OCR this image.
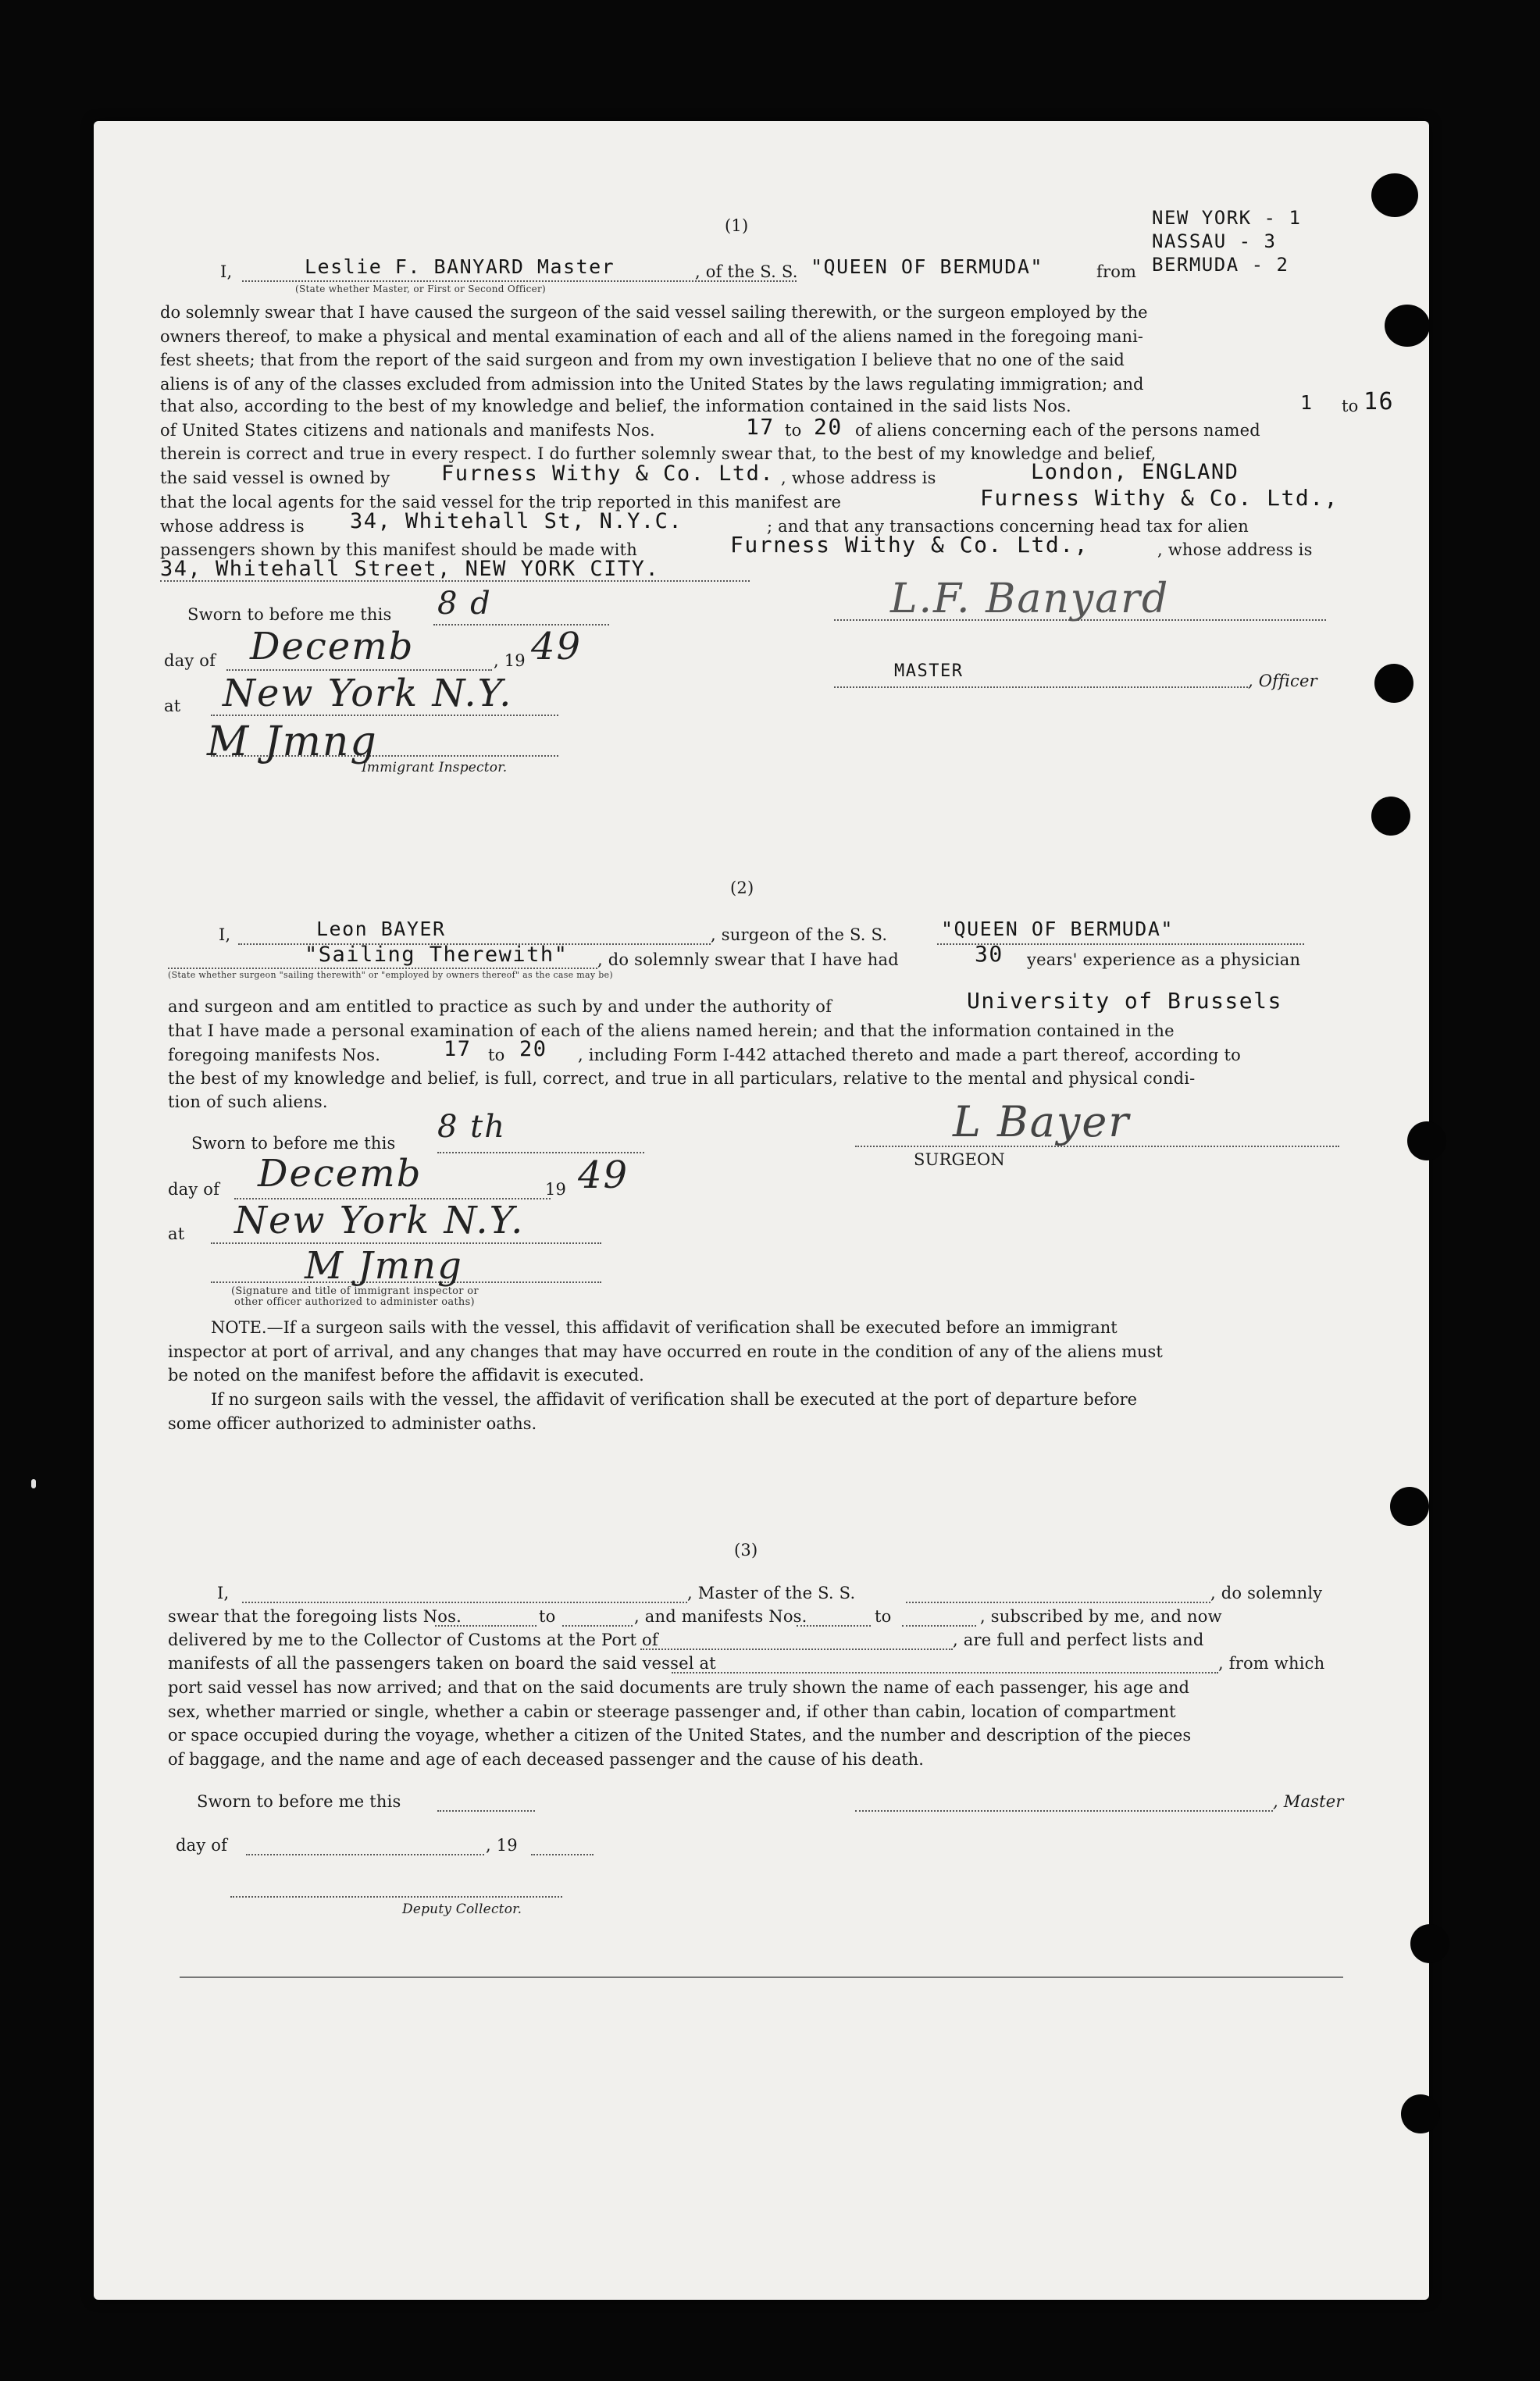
(1)	NEW YORK - 1
NASSAU - 3
BERMUDA - 2
I,	Leslie F. BANYARD Master	, of the S. S. "QUEEN OF BERMUDA"	from
(State whether Master, or First or Second Officer)
do solemnly swear that I have caused the surgeon of the said vessel sailing therewith, or the surgeon employed by the
owners thereof, to make a physical and mental examination of each and all of the aliens named in the foregoing mani-
fest sheets; that from the report of the said surgeon and from my own investigation I believe that no one of the said
aliens is of any of the classes excluded from admission into the United States by the laws regulating immigration; and
that also, according to the best of my knowledge and belief, the information contained in the said lists Nos.	1 to 16
of United States citizens and nationals and manifests Nos.	17 to 20 of aliens concerning each of the persons named
therein is correct and true in every respect. I do further solemnly swear that, to the best of my knowledge and belief,
the said vessel is owned by Furness Withy & Co. Ltd. , whose address is	London, ENGLAND
that the local agents for the said vessel for the trip reported in this manifest are	Furness Withy & Co. Ltd.,
whose address is 34, Whitehall St, N.Y.C.	; and that any transactions concerning head tax for alien
passengers shown by this manifest should be made with	Furness Withy & Co. Ltd.,	, whose address is
34, Whitehall Street, NEW YORK CITY.
Sworn to before me this 8 d
day of Decemb	, 19 49
at New York N.Y.
M Jmng
Immigrant Inspector.
L.F. Banyard
MASTER	, Officer
(2)
I,	Leon BAYER	, surgeon of the S. S.	"QUEEN OF BERMUDA"
"Sailing Therewith" , do solemnly swear that I have had	30 years' experience as a physician
(State whether surgeon "sailing therewith" or "employed by owners thereof" as the case may be)
and surgeon and am entitled to practice as such by and under the authority of	University of Brussels
that I have made a personal examination of each of the aliens named herein; and that the information contained in the
foregoing manifests Nos.	17 to 20 , including Form I-442 attached thereto and made a part thereof, according to
the best of my knowledge and belief, is full, correct, and true in all particulars, relative to the mental and physical condi-
tion of such aliens.
Sworn to before me this 8 th
day of Decemb	19 49
at New York N.Y.
M Jmng
(Signature and title of immigrant inspector or
other officer authorized to administer oaths)
L Bayer
SURGEON
NOTE.—If a surgeon sails with the vessel, this affidavit of verification shall be executed before an immigrant
inspector at port of arrival, and any changes that may have occurred en route in the condition of any of the aliens must
be noted on the manifest before the affidavit is executed.
If no surgeon sails with the vessel, the affidavit of verification shall be executed at the port of departure before
some officer authorized to administer oaths.
(3)
I,	, Master of the S. S.	, do solemnly
swear that the foregoing lists Nos.	to	, and manifests Nos.	to	, subscribed by me, and now
delivered by me to the Collector of Customs at the Port of	, are full and perfect lists and
manifests of all the passengers taken on board the said vessel at	, from which
port said vessel has now arrived; and that on the said documents are truly shown the name of each passenger, his age and
sex, whether married or single, whether a cabin or steerage passenger and, if other than cabin, location of compartment
or space occupied during the voyage, whether a citizen of the United States, and the number and description of the pieces
of baggage, and the name and age of each deceased passenger and the cause of his death.
Sworn to before me this	, Master
day of	, 19
Deputy Collector.
